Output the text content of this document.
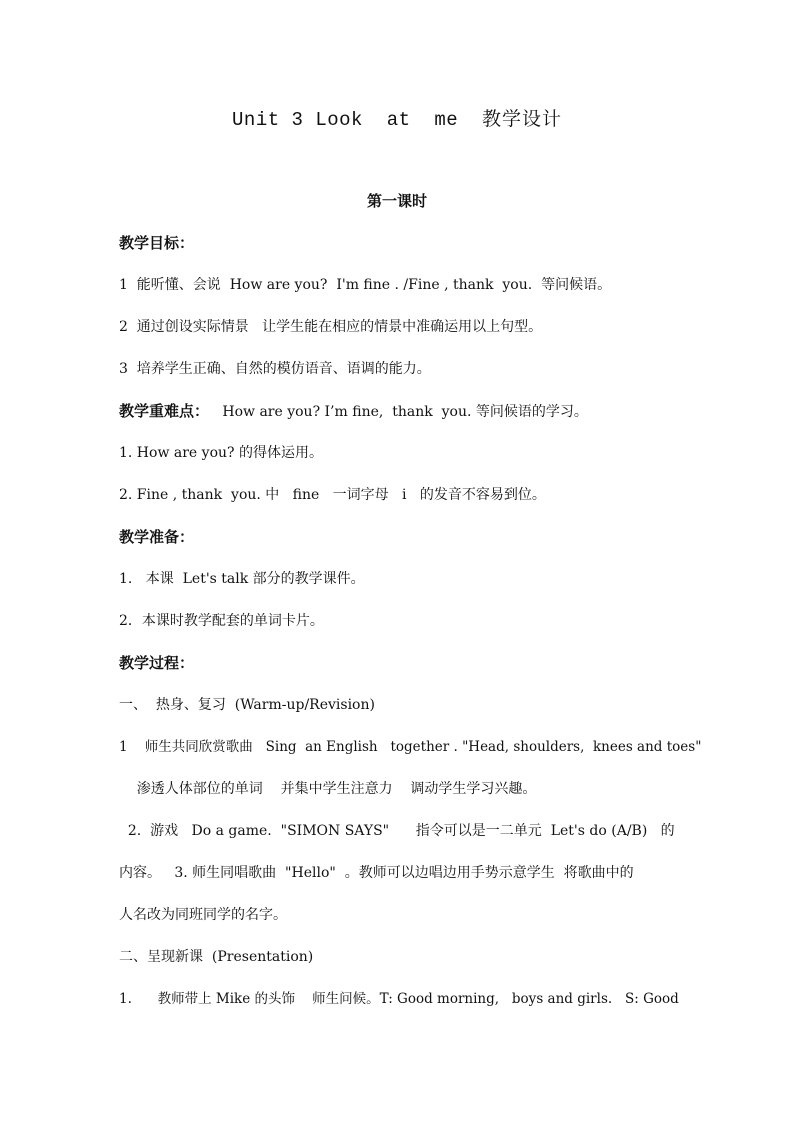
Unit 3 Look  at  me  教学设计
第一课时
教学目标：
1  能听懂、会说  How are you?  I'm fine . /Fine , thank  you.  等问候语。
2  通过创设实际情景   让学生能在相应的情景中准确运用以上句型。
3  培养学生正确、自然的模仿语音、语调的能力。
教学重难点：   How are you? I’m fine,  thank  you. 等问候语的学习。
1. How are you? 的得体运用。
2. Fine , thank  you. 中   fine   一词字母   i   的发音不容易到位。
教学准备：
1.   本课  Let's talk 部分的教学课件。
2．本课时教学配套的单词卡片。
教学过程：
一、  热身、复习  (Warm-up/Revision)
1    师生共同欣赏歌曲   Sing  an English   together . "Head, shoulders,  knees and toes"
渗透人体部位的单词    并集中学生注意力    调动学生学习兴趣。
2.  游戏   Do a game.  "SIMON SAYS"      指令可以是一二单元  Let's do (A/B)   的
内容。   3. 师生同唱歌曲  "Hello"  。教师可以边唱边用手势示意学生  将歌曲中的
人名改为同班同学的名字。
二、呈现新课  (Presentation)
1.      教师带上 Mike 的头饰    师生问候。T: Good morning,   boys and girls.   S: Good
